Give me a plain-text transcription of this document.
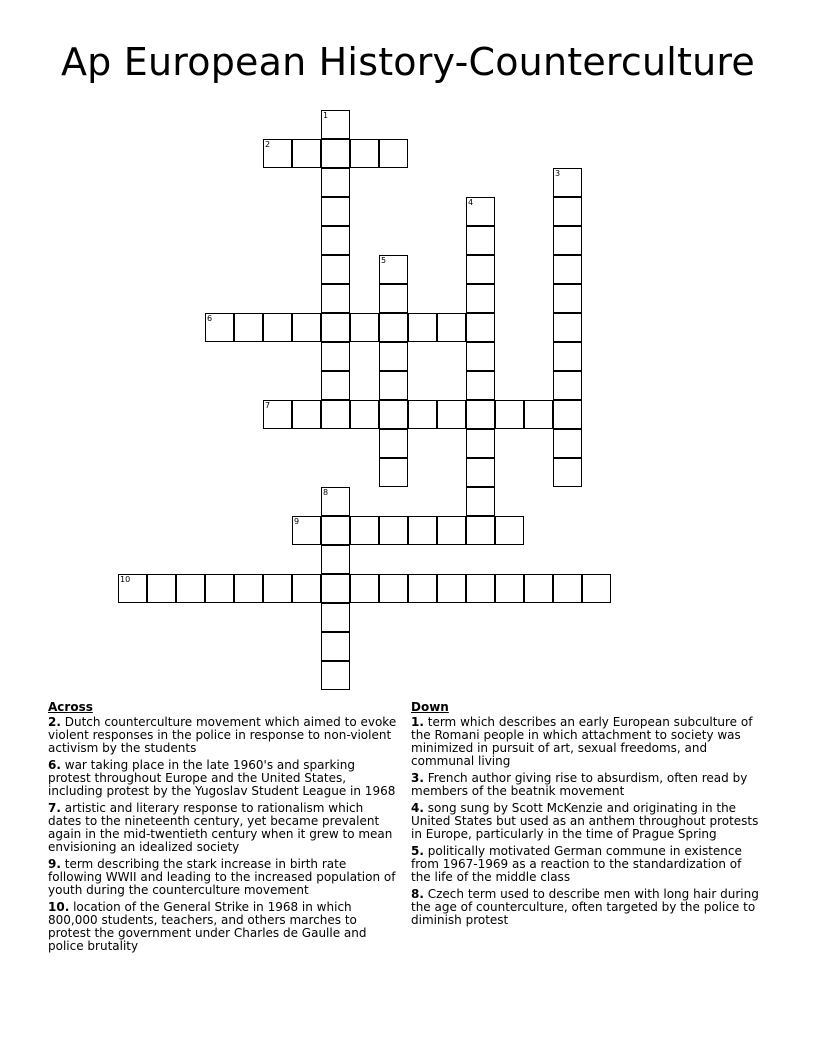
Ap European History-Counterculture
1
2
3
4
5
6
7
8
9
10
Across
2. Dutch counterculture movement which aimed to evoke violent responses in the police in response to non-violent activism by the students
6. war taking place in the late 1960's and sparking protest throughout Europe and the United States, including protest by the Yugoslav Student League in 1968
7. artistic and literary response to rationalism which dates to the nineteenth century, yet became prevalent again in the mid-twentieth century when it grew to mean envisioning an idealized society
9. term describing the stark increase in birth rate following WWII and leading to the increased population of youth during the counterculture movement
10. location of the General Strike in 1968 in which 800,000 students, teachers, and others marches to protest the government under Charles de Gaulle and police brutality
Down
1. term which describes an early European subculture of the Romani people in which attachment to society was minimized in pursuit of art, sexual freedoms, and communal living
3. French author giving rise to absurdism, often read by members of the beatnik movement
4. song sung by Scott McKenzie and originating in the United States but used as an anthem throughout protests in Europe, particularly in the time of Prague Spring
5. politically motivated German commune in existence from 1967-1969 as a reaction to the standardization of the life of the middle class
8. Czech term used to describe men with long hair during the age of counterculture, often targeted by the police to diminish protest
